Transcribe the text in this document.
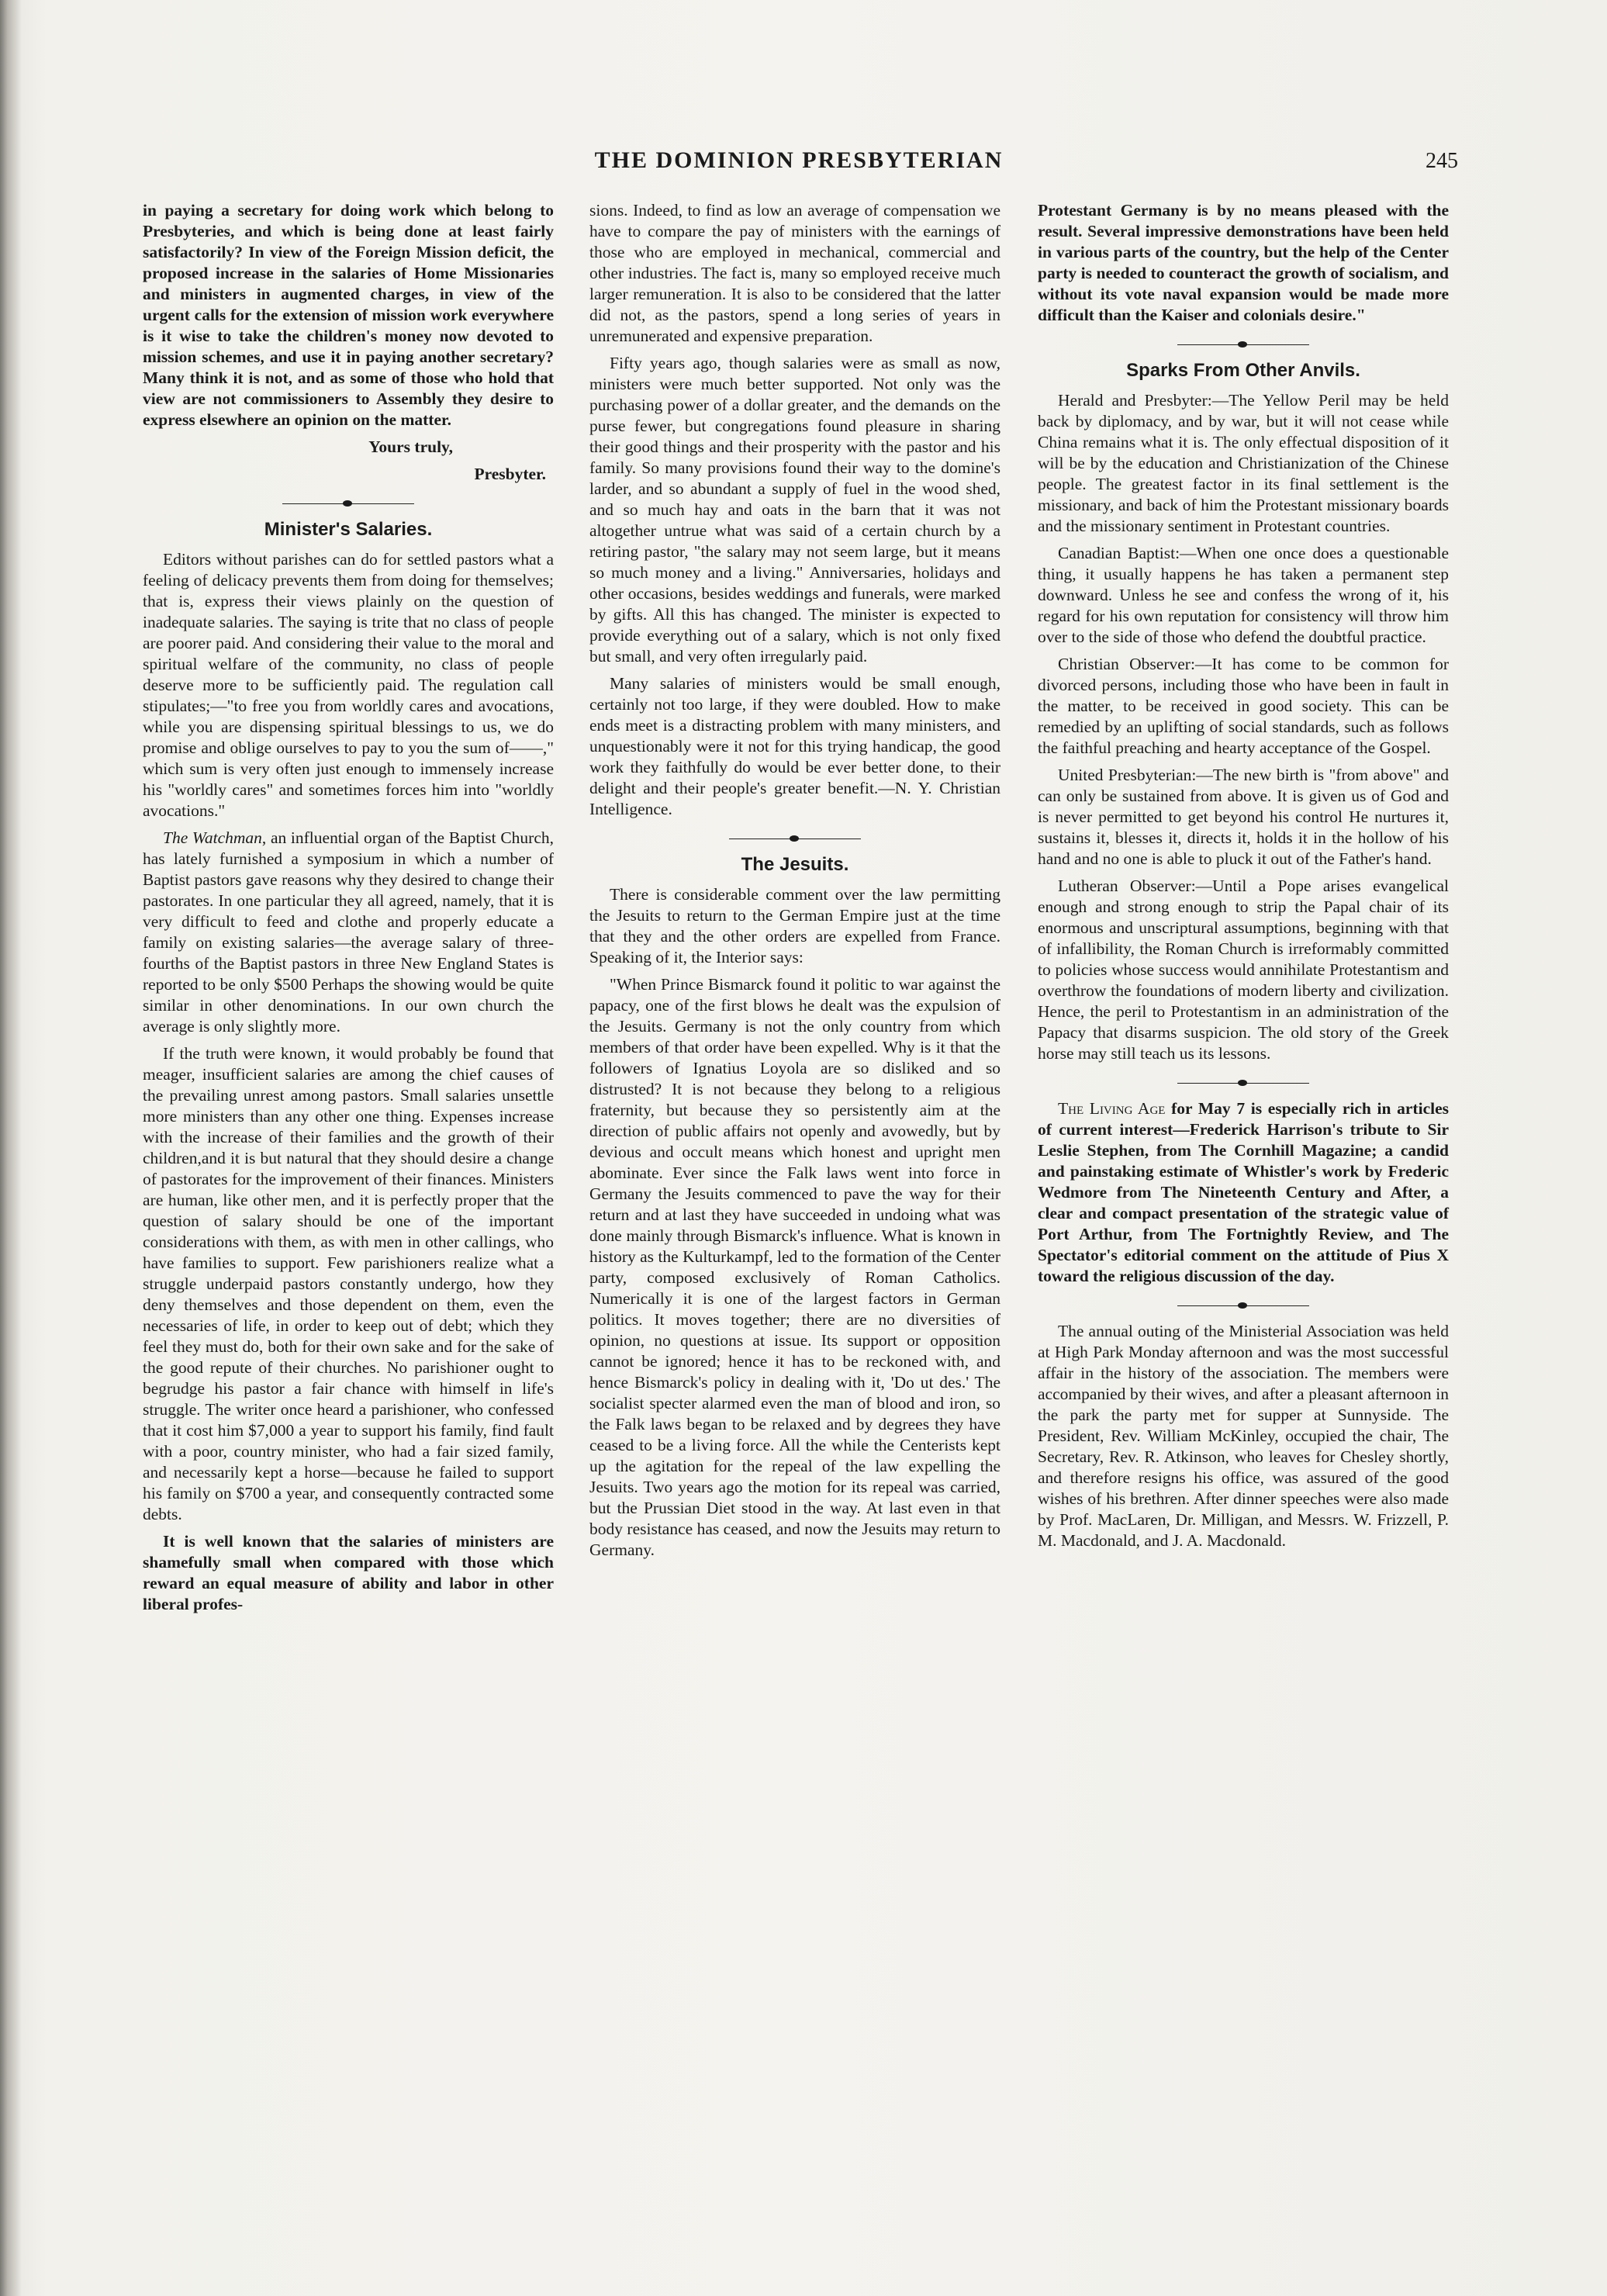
THE DOMINION PRESBYTERIAN	245

in paying a secretary for doing work which belong to Presbyteries, and which is being done at least fairly satisfactorily? In view of the Foreign Mission deficit, the proposed increase in the salaries of Home Missionaries and ministers in augmented charges, in view of the urgent calls for the extension of mission work everywhere is it wise to take the children's money now devoted to mission schemes, and use it in paying another secretary? Many think it is not, and as some of those who hold that view are not commissioners to Assembly they desire to express elsewhere an opinion on the matter.

Yours truly,

Presbyter.

Minister's Salaries.

Editors without parishes can do for settled pastors what a feeling of delicacy prevents them from doing for themselves; that is, express their views plainly on the question of inadequate salaries. The saying is trite that no class of people are poorer paid. And considering their value to the moral and spiritual welfare of the community, no class of people deserve more to be sufficiently paid. The regulation call stipulates;—"to free you from worldly cares and avocations, while you are dispensing spiritual blessings to us, we do promise and oblige ourselves to pay to you the sum of——," which sum is very often just enough to immensely increase his "worldly cares" and sometimes forces him into "worldly avocations."

The Watchman, an influential organ of the Baptist Church, has lately furnished a symposium in which a number of Baptist pastors gave reasons why they desired to change their pastorates. In one particular they all agreed, namely, that it is very difficult to feed and clothe and properly educate a family on existing salaries—the average salary of three-fourths of the Baptist pastors in three New England States is reported to be only $500 Perhaps the showing would be quite similar in other denominations. In our own church the average is only slightly more.

If the truth were known, it would probably be found that meager, insufficient salaries are among the chief causes of the prevailing unrest among pastors. Small salaries unsettle more ministers than any other one thing. Expenses increase with the increase of their families and the growth of their children,and it is but natural that they should desire a change of pastorates for the improvement of their finances. Ministers are human, like other men, and it is perfectly proper that the question of salary should be one of the important considerations with them, as with men in other callings, who have families to support. Few parishioners realize what a struggle underpaid pastors constantly undergo, how they deny themselves and those dependent on them, even the necessaries of life, in order to keep out of debt; which they feel they must do, both for their own sake and for the sake of the good repute of their churches. No parishioner ought to begrudge his pastor a fair chance with himself in life's struggle. The writer once heard a parishioner, who confessed that it cost him $7,000 a year to support his family, find fault with a poor, country minister, who had a fair sized family, and necessarily kept a horse—because he failed to support his family on $700 a year, and consequently contracted some debts.

It is well known that the salaries of ministers are shamefully small when compared with those which reward an equal measure of ability and labor in other liberal profes-

sions. Indeed, to find as low an average of compensation we have to compare the pay of ministers with the earnings of those who are employed in mechanical, commercial and other industries. The fact is, many so employed receive much larger remuneration. It is also to be considered that the latter did not, as the pastors, spend a long series of years in unremunerated and expensive preparation.

Fifty years ago, though salaries were as small as now, ministers were much better supported. Not only was the purchasing power of a dollar greater, and the demands on the purse fewer, but congregations found pleasure in sharing their good things and their prosperity with the pastor and his family. So many provisions found their way to the domine's larder, and so abundant a supply of fuel in the wood shed, and so much hay and oats in the barn that it was not altogether untrue what was said of a certain church by a retiring pastor, "the salary may not seem large, but it means so much money and a living." Anniversaries, holidays and other occasions, besides weddings and funerals, were marked by gifts. All this has changed. The minister is expected to provide everything out of a salary, which is not only fixed but small, and very often irregularly paid.

Many salaries of ministers would be small enough, certainly not too large, if they were doubled. How to make ends meet is a distracting problem with many ministers, and unquestionably were it not for this trying handicap, the good work they faithfully do would be ever better done, to their delight and their people's greater benefit.—N. Y. Christian Intelligence.

The Jesuits.

There is considerable comment over the law permitting the Jesuits to return to the German Empire just at the time that they and the other orders are expelled from France. Speaking of it, the Interior says:

"When Prince Bismarck found it politic to war against the papacy, one of the first blows he dealt was the expulsion of the Jesuits. Germany is not the only country from which members of that order have been expelled. Why is it that the followers of Ignatius Loyola are so disliked and so distrusted? It is not because they belong to a religious fraternity, but because they so persistently aim at the direction of public affairs not openly and avowedly, but by devious and occult means which honest and upright men abominate. Ever since the Falk laws went into force in Germany the Jesuits commenced to pave the way for their return and at last they have succeeded in undoing what was done mainly through Bismarck's influence. What is known in history as the Kulturkampf, led to the formation of the Center party, composed exclusively of Roman Catholics. Numerically it is one of the largest factors in German politics. It moves together; there are no diversities of opinion, no questions at issue. Its support or opposition cannot be ignored; hence it has to be reckoned with, and hence Bismarck's policy in dealing with it, 'Do ut des.' The socialist specter alarmed even the man of blood and iron, so the Falk laws began to be relaxed and by degrees they have ceased to be a living force. All the while the Centerists kept up the agitation for the repeal of the law expelling the Jesuits. Two years ago the motion for its repeal was carried, but the Prussian Diet stood in the way. At last even in that body resistance has ceased, and now the Jesuits may return to Germany.

Protestant Germany is by no means pleased with the result. Several impressive demonstrations have been held in various parts of the country, but the help of the Center party is needed to counteract the growth of socialism, and without its vote naval expansion would be made more difficult than the Kaiser and colonials desire."

Sparks From Other Anvils.

Herald and Presbyter:—The Yellow Peril may be held back by diplomacy, and by war, but it will not cease while China remains what it is. The only effectual disposition of it will be by the education and Christianization of the Chinese people. The greatest factor in its final settlement is the missionary, and back of him the Protestant missionary boards and the missionary sentiment in Protestant countries.

Canadian Baptist:—When one once does a questionable thing, it usually happens he has taken a permanent step downward. Unless he see and confess the wrong of it, his regard for his own reputation for consistency will throw him over to the side of those who defend the doubtful practice.

Christian Observer:—It has come to be common for divorced persons, including those who have been in fault in the matter, to be received in good society. This can be remedied by an uplifting of social standards, such as follows the faithful preaching and hearty acceptance of the Gospel.

United Presbyterian:—The new birth is "from above" and can only be sustained from above. It is given us of God and is never permitted to get beyond his control He nurtures it, sustains it, blesses it, directs it, holds it in the hollow of his hand and no one is able to pluck it out of the Father's hand.

Lutheran Observer:—Until a Pope arises evangelical enough and strong enough to strip the Papal chair of its enormous and unscriptural assumptions, beginning with that of infallibility, the Roman Church is irreformably committed to policies whose success would annihilate Protestantism and overthrow the foundations of modern liberty and civilization. Hence, the peril to Protestantism in an administration of the Papacy that disarms suspicion. The old story of the Greek horse may still teach us its lessons.

The Living Age for May 7 is especially rich in articles of current interest—Frederick Harrison's tribute to Sir Leslie Stephen, from The Cornhill Magazine; a candid and painstaking estimate of Whistler's work by Frederic Wedmore from The Nineteenth Century and After, a clear and compact presentation of the strategic value of Port Arthur, from The Fortnightly Review, and The Spectator's editorial comment on the attitude of Pius X toward the religious discussion of the day.

The annual outing of the Ministerial Association was held at High Park Monday afternoon and was the most successful affair in the history of the association. The members were accompanied by their wives, and after a pleasant afternoon in the park the party met for supper at Sunnyside. The President, Rev. William McKinley, occupied the chair, The Secretary, Rev. R. Atkinson, who leaves for Chesley shortly, and therefore resigns his office, was assured of the good wishes of his brethren. After dinner speeches were also made by Prof. MacLaren, Dr. Milligan, and Messrs. W. Frizzell, P. M. Macdonald, and J. A. Macdonald.
